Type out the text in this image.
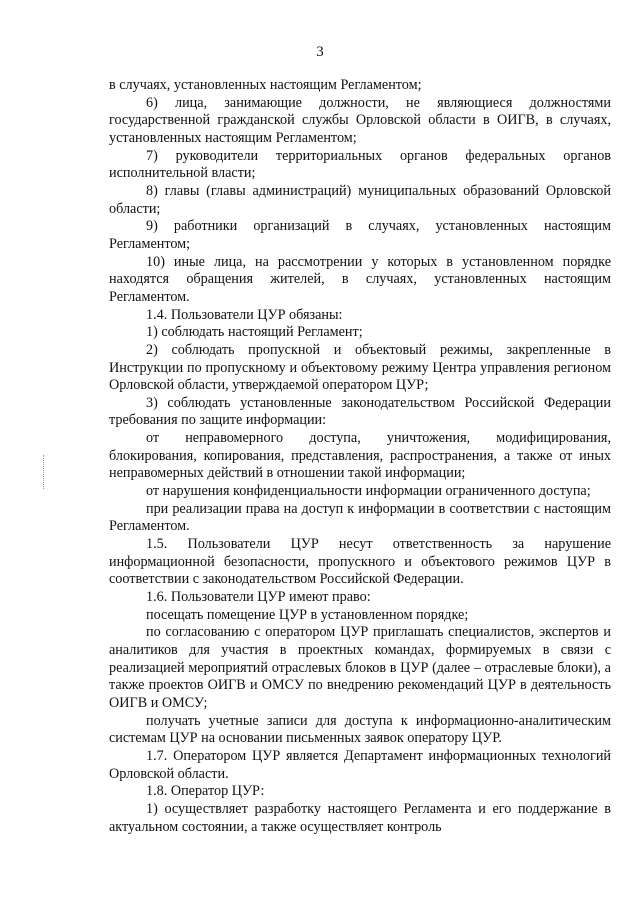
3

в случаях, установленных настоящим Регламентом;

6) лица, занимающие должности, не являющиеся должностями государственной гражданской службы Орловской области в ОИГВ, в случаях, установленных настоящим Регламентом;

7) руководители территориальных органов федеральных органов исполнительной власти;

8) главы (главы администраций) муниципальных образований Орловской области;

9) работники организаций в случаях, установленных настоящим Регламентом;

10) иные лица, на рассмотрении у которых в установленном порядке находятся обращения жителей, в случаях, установленных настоящим Регламентом.

1.4. Пользователи ЦУР обязаны:

1) соблюдать настоящий Регламент;

2) соблюдать пропускной и объектовый режимы, закрепленные в Инструкции по пропускному и объектовому режиму Центра управления регионом Орловской области, утверждаемой оператором ЦУР;

3) соблюдать установленные законодательством Российской Федерации требования по защите информации:

от неправомерного доступа, уничтожения, модифицирования, блокирования, копирования, представления, распространения, а также от иных неправомерных действий в отношении такой информации;

от нарушения конфиденциальности информации ограниченного доступа;

при реализации права на доступ к информации в соответствии с настоящим Регламентом.

1.5. Пользователи ЦУР несут ответственность за нарушение информационной безопасности, пропускного и объектового режимов ЦУР в соответствии с законодательством Российской Федерации.

1.6. Пользователи ЦУР имеют право:

посещать помещение ЦУР в установленном порядке;

по согласованию с оператором ЦУР приглашать специалистов, экспертов и аналитиков для участия в проектных командах, формируемых в связи с реализацией мероприятий отраслевых блоков в ЦУР (далее – отраслевые блоки), а также проектов ОИГВ и ОМСУ по внедрению рекомендаций ЦУР в деятельность ОИГВ и ОМСУ;

получать учетные записи для доступа к информационно-аналитическим системам ЦУР на основании письменных заявок оператору ЦУР.

1.7. Оператором ЦУР является Департамент информационных технологий Орловской области.

1.8. Оператор ЦУР:

1) осуществляет разработку настоящего Регламента и его поддержание в актуальном состоянии, а также осуществляет контроль
